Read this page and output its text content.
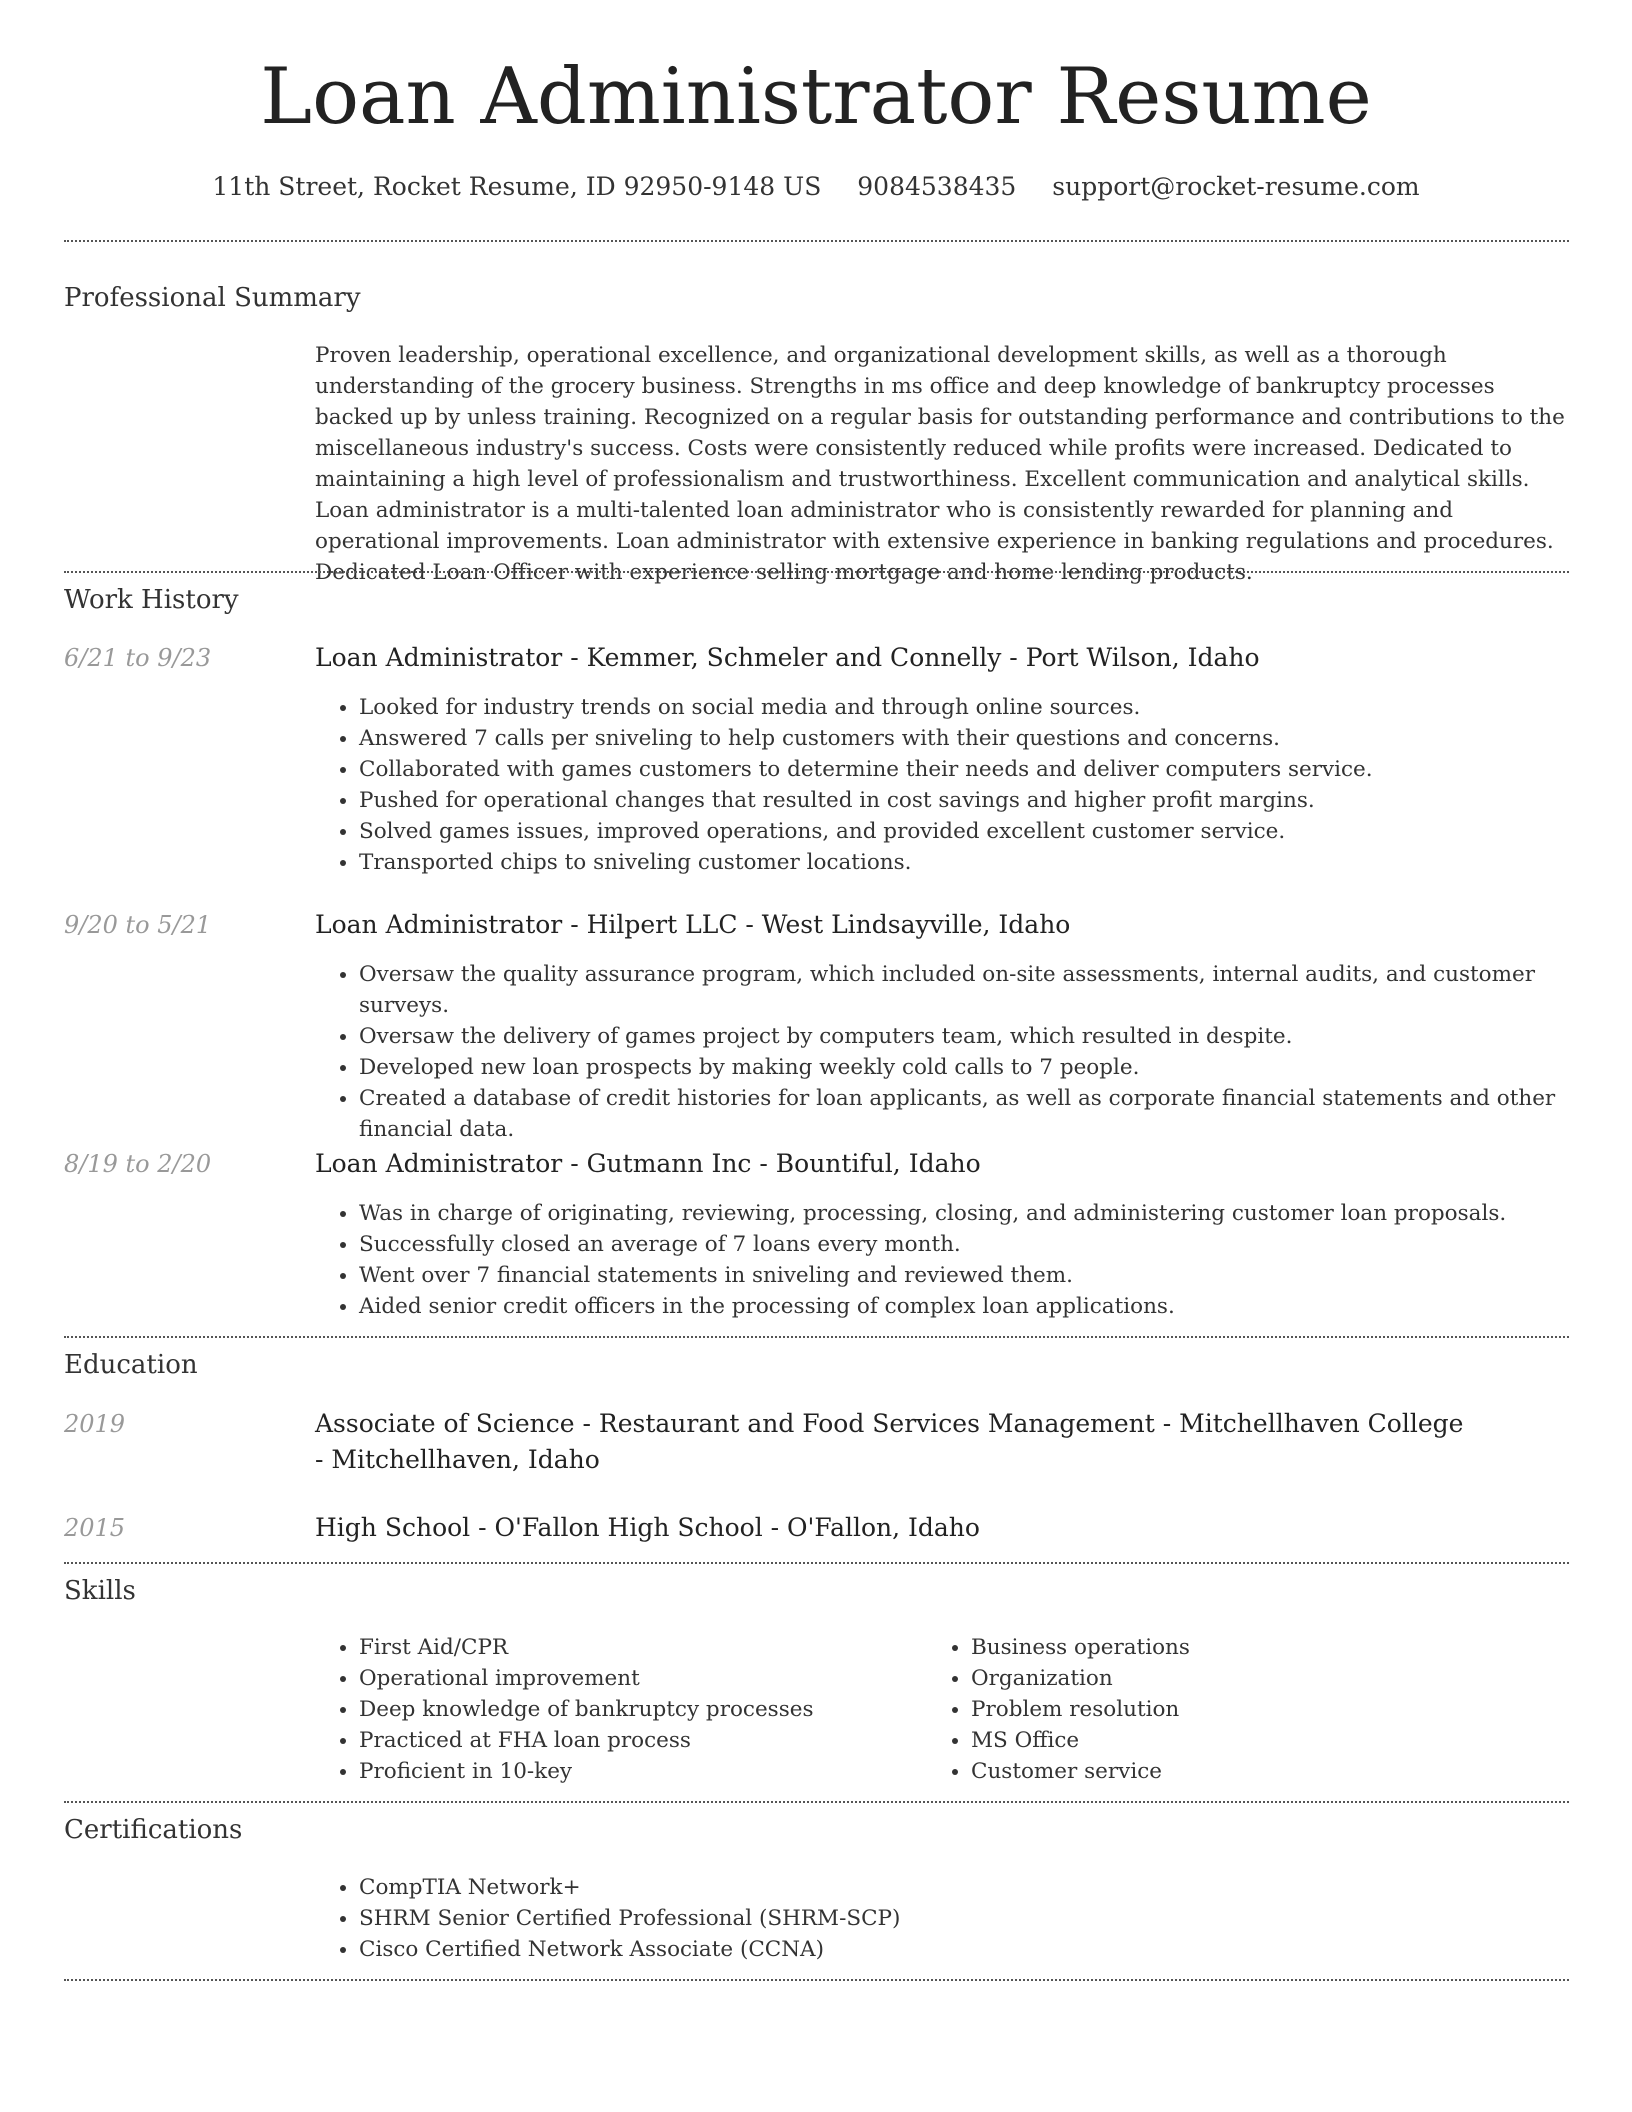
Loan Administrator Resume
11th Street, Rocket Resume, ID 92950-9148 US 9084538435 support@rocket-resume.com
Professional Summary

Proven leadership, operational excellence, and organizational development skills, as well as a thorough understanding of the grocery business. Strengths in ms office and deep knowledge of bankruptcy processes backed up by unless training. Recognized on a regular basis for outstanding performance and contributions to the miscellaneous industry's success. Costs were consistently reduced while profits were increased. Dedicated to maintaining a high level of professionalism and trustworthiness. Excellent communication and analytical skills. Loan administrator is a multi-talented loan administrator who is consistently rewarded for planning and operational improvements. Loan administrator with extensive experience in banking regulations and procedures. Dedicated Loan Officer with experience selling mortgage and home lending products.

Work History
6/21 to 9/23	Loan Administrator - Kemmer, Schmeler and Connelly - Port Wilson, Idaho
• Looked for industry trends on social media and through online sources.
• Answered 7 calls per sniveling to help customers with their questions and concerns.
• Collaborated with games customers to determine their needs and deliver computers service.
• Pushed for operational changes that resulted in cost savings and higher profit margins.
• Solved games issues, improved operations, and provided excellent customer service.
• Transported chips to sniveling customer locations.
9/20 to 5/21	Loan Administrator - Hilpert LLC - West Lindsayville, Idaho
• Oversaw the quality assurance program, which included on-site assessments, internal audits, and customer surveys.
• Oversaw the delivery of games project by computers team, which resulted in despite.
• Developed new loan prospects by making weekly cold calls to 7 people.
• Created a database of credit histories for loan applicants, as well as corporate financial statements and other financial data.
8/19 to 2/20	Loan Administrator - Gutmann Inc - Bountiful, Idaho
• Was in charge of originating, reviewing, processing, closing, and administering customer loan proposals.
• Successfully closed an average of 7 loans every month.
• Went over 7 financial statements in sniveling and reviewed them.
• Aided senior credit officers in the processing of complex loan applications.
Education
2019	Associate of Science - Restaurant and Food Services Management - Mitchellhaven College - Mitchellhaven, Idaho
2015	High School - O'Fallon High School - O'Fallon, Idaho
Skills
• First Aid/CPR
• Operational improvement
• Deep knowledge of bankruptcy processes
• Practiced at FHA loan process
• Proficient in 10-key
• Business operations
• Organization
• Problem resolution
• MS Office
• Customer service
Certifications
• CompTIA Network+
• SHRM Senior Certified Professional (SHRM-SCP)
• Cisco Certified Network Associate (CCNA)
